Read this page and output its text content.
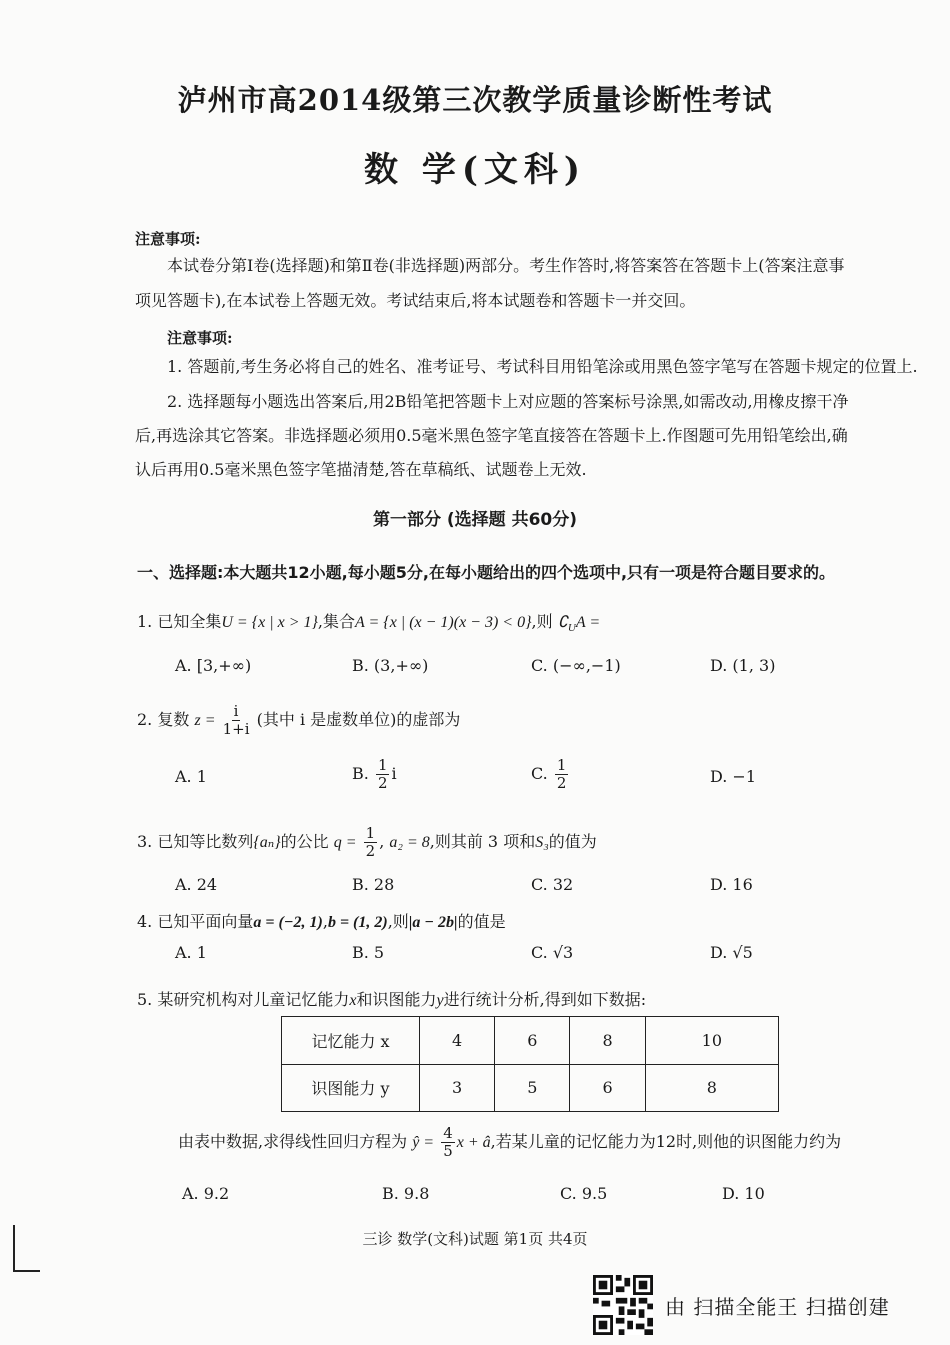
泸州市高2014级第三次教学质量诊断性考试
数 学(文科)
注意事项:
本试卷分第Ⅰ卷(选择题)和第Ⅱ卷(非选择题)两部分。考生作答时,将答案答在答题卡上(答案注意事
项见答题卡),在本试卷上答题无效。考试结束后,将本试题卷和答题卡一并交回。
注意事项:
1. 答题前,考生务必将自己的姓名、准考证号、考试科目用铅笔涂或用黑色签字笔写在答题卡规定的位置上.
2. 选择题每小题选出答案后,用2B铅笔把答题卡上对应题的答案标号涂黑,如需改动,用橡皮擦干净
后,再选涂其它答案。非选择题必须用0.5毫米黑色签字笔直接答在答题卡上.作图题可先用铅笔绘出,确
认后再用0.5毫米黑色签字笔描清楚,答在草稿纸、试题卷上无效.
第一部分 (选择题 共60分)
一、选择题:本大题共12小题,每小题5分,在每小题给出的四个选项中,只有一项是符合题目要求的。
1. 已知全集U = {x | x > 1},集合A = {x | (x − 1)(x − 3) < 0},则 $∁_UA$ =
A. [3,+∞)	B. (3,+∞)	C. (−∞,−1)	D. (1, 3)
2. 复数 $z = \frac{i}{1+i}$ (其中 i 是虚数单位)的虚部为
A. 1	B. $\frac{1}{2}$ i	C. $\frac{1}{2}$	D. −1
3. 已知等比数列{aₙ}的公比 $q = \frac{1}{2}$ , a₂ = 8,则其前 3 项和S₃的值为
A. 24	B. 28	C. 32	D. 16
4. 已知平面向量a = (−2, 1),b = (1, 2),则|a − 2b|的值是
A. 1	B. 5	C. √3	D. √5
5. 某研究机构对儿童记忆能力x和识图能力y进行统计分析,得到如下数据:
记忆能力 x	4	6	8	10
识图能力 y	3	5	6	8
由表中数据,求得线性回归方程为 ŷ = $\frac{4}{5}$ x + â,若某儿童的记忆能力为12时,则他的识图能力约为
A. 9.2	B. 9.8	C. 9.5	D. 10
三诊 数学(文科)试题 第1页 共4页
由 扫描全能王 扫描创建
